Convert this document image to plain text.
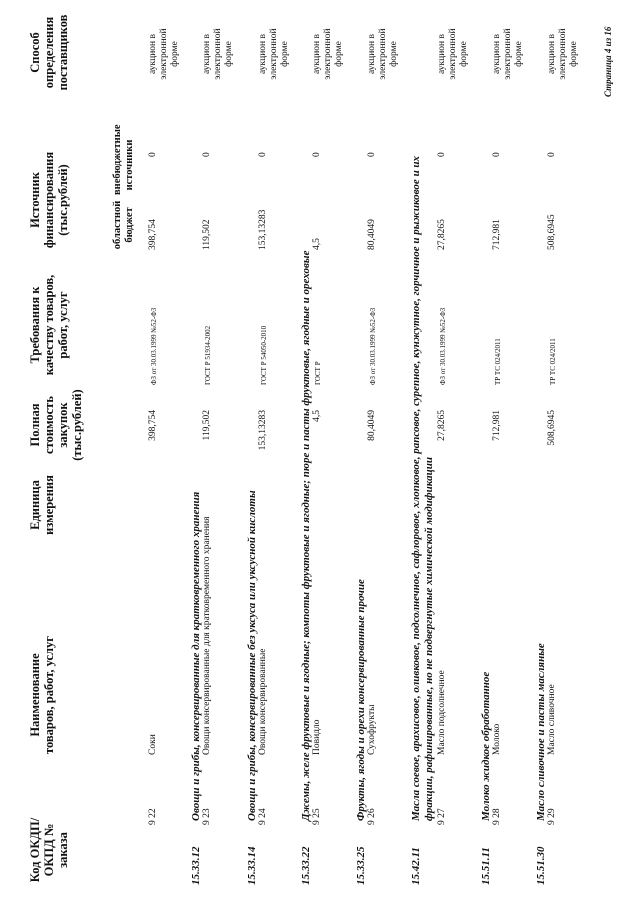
Код ОКДП/ ОКПД № заказа
Наименование товаров, работ, услуг
Единица измерения
Полная стоимость закупок (тыс.рублей)
Требования к качеству товаров, работ, услуг
Источник финансирования (тыс.рублей)	областной бюджет
внебюджетные источники
Способ определения поставщиков
9 22
Соки
398,754
ФЗ от 30.03.1999 №52-ФЗ
398,754
0
аукцион в электронной форме
15.33.12
Овощи и грибы, консервированные для кратковременного хранения 9 23
Овощи консервированные для кратковременного хранения
119,502
ГОСТ Р 51934-2002
119,502
0
аукцион в электронной форме
15.33.14
Овощи и грибы, консервированные без уксуса или уксусной кислоты 9 24
Овощи консервированные
153,13283
ГОСТ Р 54050-2010
153,13283
0
аукцион в электронной форме
15.33.22
Джемы, желе фруктовые и ягодные; компоты фруктовые и ягодные; пюре и пасты фруктовые, ягодные и ореховые 9 25
Повидло
4,5
ГОСТ Р
4,5
0
аукцион в электронной форме
15.33.25
Фрукты, ягоды и орехи консервированные прочие 9 26
Сухофрукты
80,4049
ФЗ от 30.03.1999 №52-ФЗ
80,4049
0
аукцион в электронной форме
15.42.11
Масла соевое, арахисовое, оливковое, подсолнечное, сафлоровое, хлопковое, рапсовое, сурепное, кунжутное, горчичное и рыжиковое и их фракции, рафинированные, но не подвергнутые химической модификации 9 27
Масло подсолнечное
27,8265
ФЗ от 30.03.1999 №52-ФЗ
27,8265
0
аукцион в электронной форме
15.51.11
Молоко жидкое обработанное 9 28
Молоко
712,981
ТР ТС 024/2011
712,981
0
аукцион в электронной форме
15.51.30
Масло сливочное и пасты масляные 9 29
Масло сливочное
508,6945
ТР ТС 024/2011
508,6945
0
аукцион в электронной форме	Страница 4 из 16
